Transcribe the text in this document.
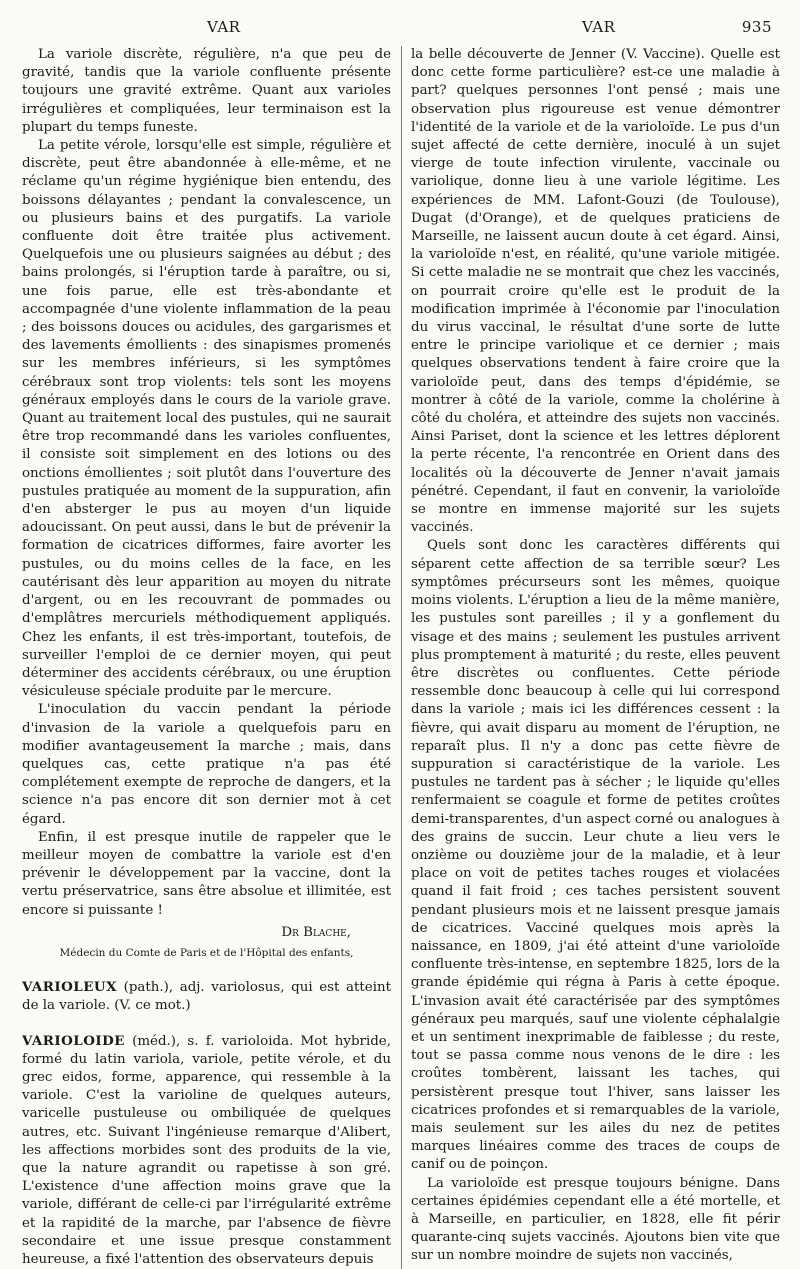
VAR	VAR	935

La variole discrète, régulière, n'a que peu de gravité, tandis que la variole confluente présente toujours une gravité extrême. Quant aux varioles irrégulières et compliquées, leur terminaison est la plupart du temps funeste.

La petite vérole, lorsqu'elle est simple, régulière et discrète, peut être abandonnée à elle-même, et ne réclame qu'un régime hygiénique bien entendu, des boissons délayantes ; pendant la convalescence, un ou plusieurs bains et des purgatifs. La variole confluente doit être traitée plus activement. Quelquefois une ou plusieurs saignées au début ; des bains prolongés, si l'éruption tarde à paraître, ou si, une fois parue, elle est très-abondante et accompagnée d'une violente inflammation de la peau ; des boissons douces ou acidules, des gargarismes et des lavements émollients : des sinapismes promenés sur les membres inférieurs, si les symptômes cérébraux sont trop violents: tels sont les moyens généraux employés dans le cours de la variole grave. Quant au traitement local des pustules, qui ne saurait être trop recommandé dans les varioles confluentes, il consiste soit simplement en des lotions ou des onctions émollientes ; soit plutôt dans l'ouverture des pustules pratiquée au moment de la suppuration, afin d'en absterger le pus au moyen d'un liquide adoucissant. On peut aussi, dans le but de prévenir la formation de cicatrices difformes, faire avorter les pustules, ou du moins celles de la face, en les cautérisant dès leur apparition au moyen du nitrate d'argent, ou en les recouvrant de pommades ou d'emplâtres mercuriels méthodiquement appliqués. Chez les enfants, il est très-important, toutefois, de surveiller l'emploi de ce dernier moyen, qui peut déterminer des accidents cérébraux, ou une éruption vésiculeuse spéciale produite par le mercure.

L'inoculation du vaccin pendant la période d'invasion de la variole a quelquefois paru en modifier avantageusement la marche ; mais, dans quelques cas, cette pratique n'a pas été complétement exempte de reproche de dangers, et la science n'a pas encore dit son dernier mot à cet égard.

Enfin, il est presque inutile de rappeler que le meilleur moyen de combattre la variole est d'en prévenir le développement par la vaccine, dont la vertu préservatrice, sans être absolue et illimitée, est encore si puissante !

Dr Blache,
Médecin du Comte de Paris et de l'Hôpital des enfants,

VARIOLEUX (path.), adj. variolosus, qui est atteint de la variole. (V. ce mot.)

VARIOLOIDE (méd.), s. f. varioloida. Mot hybride, formé du latin variola, variole, petite vérole, et du grec eidos, forme, apparence, qui ressemble à la variole. C'est la varioline de quelques auteurs, varicelle pustuleuse ou ombiliquée de quelques autres, etc. Suivant l'ingénieuse remarque d'Alibert, les affections morbides sont des produits de la vie, que la nature agrandit ou rapetisse à son gré. L'existence d'une affection moins grave que la variole, différant de celle-ci par l'irrégularité extrême et la rapidité de la marche, par l'absence de fièvre secondaire et une issue presque constamment heureuse, a fixé l'attention des observateurs depuis

la belle découverte de Jenner (V. Vaccine). Quelle est donc cette forme particulière? est-ce une maladie à part? quelques personnes l'ont pensé ; mais une observation plus rigoureuse est venue démontrer l'identité de la variole et de la varioloïde. Le pus d'un sujet affecté de cette dernière, inoculé à un sujet vierge de toute infection virulente, vaccinale ou variolique, donne lieu à une variole légitime. Les expériences de MM. Lafont-Gouzi (de Toulouse), Dugat (d'Orange), et de quelques praticiens de Marseille, ne laissent aucun doute à cet égard. Ainsi, la varioloïde n'est, en réalité, qu'une variole mitigée. Si cette maladie ne se montrait que chez les vaccinés, on pourrait croire qu'elle est le produit de la modification imprimée à l'économie par l'inoculation du virus vaccinal, le résultat d'une sorte de lutte entre le principe variolique et ce dernier ; mais quelques observations tendent à faire croire que la varioloïde peut, dans des temps d'épidémie, se montrer à côté de la variole, comme la cholérine à côté du choléra, et atteindre des sujets non vaccinés. Ainsi Pariset, dont la science et les lettres déplorent la perte récente, l'a rencontrée en Orient dans des localités où la découverte de Jenner n'avait jamais pénétré. Cependant, il faut en convenir, la varioloïde se montre en immense majorité sur les sujets vaccinés.

Quels sont donc les caractères différents qui séparent cette affection de sa terrible sœur? Les symptômes précurseurs sont les mêmes, quoique moins violents. L'éruption a lieu de la même manière, les pustules sont pareilles ; il y a gonflement du visage et des mains ; seulement les pustules arrivent plus promptement à maturité ; du reste, elles peuvent être discrètes ou confluentes. Cette période ressemble donc beaucoup à celle qui lui correspond dans la variole ; mais ici les différences cessent : la fièvre, qui avait disparu au moment de l'éruption, ne reparaît plus. Il n'y a donc pas cette fièvre de suppuration si caractéristique de la variole. Les pustules ne tardent pas à sécher ; le liquide qu'elles renfermaient se coagule et forme de petites croûtes demi-transparentes, d'un aspect corné ou analogues à des grains de succin. Leur chute a lieu vers le onzième ou douzième jour de la maladie, et à leur place on voit de petites taches rouges et violacées quand il fait froid ; ces taches persistent souvent pendant plusieurs mois et ne laissent presque jamais de cicatrices. Vacciné quelques mois après la naissance, en 1809, j'ai été atteint d'une varioloïde confluente très-intense, en septembre 1825, lors de la grande épidémie qui régna à Paris à cette époque. L'invasion avait été caractérisée par des symptômes généraux peu marqués, sauf une violente céphalalgie et un sentiment inexprimable de faiblesse ; du reste, tout se passa comme nous venons de le dire : les croûtes tombèrent, laissant les taches, qui persistèrent presque tout l'hiver, sans laisser les cicatrices profondes et si remarquables de la variole, mais seulement sur les ailes du nez de petites marques linéaires comme des traces de coups de canif ou de poinçon.

La varioloïde est presque toujours bénigne. Dans certaines épidémies cependant elle a été mortelle, et à Marseille, en particulier, en 1828, elle fit périr quarante-cinq sujets vaccinés. Ajoutons bien vite que sur un nombre moindre de sujets non vaccinés,
